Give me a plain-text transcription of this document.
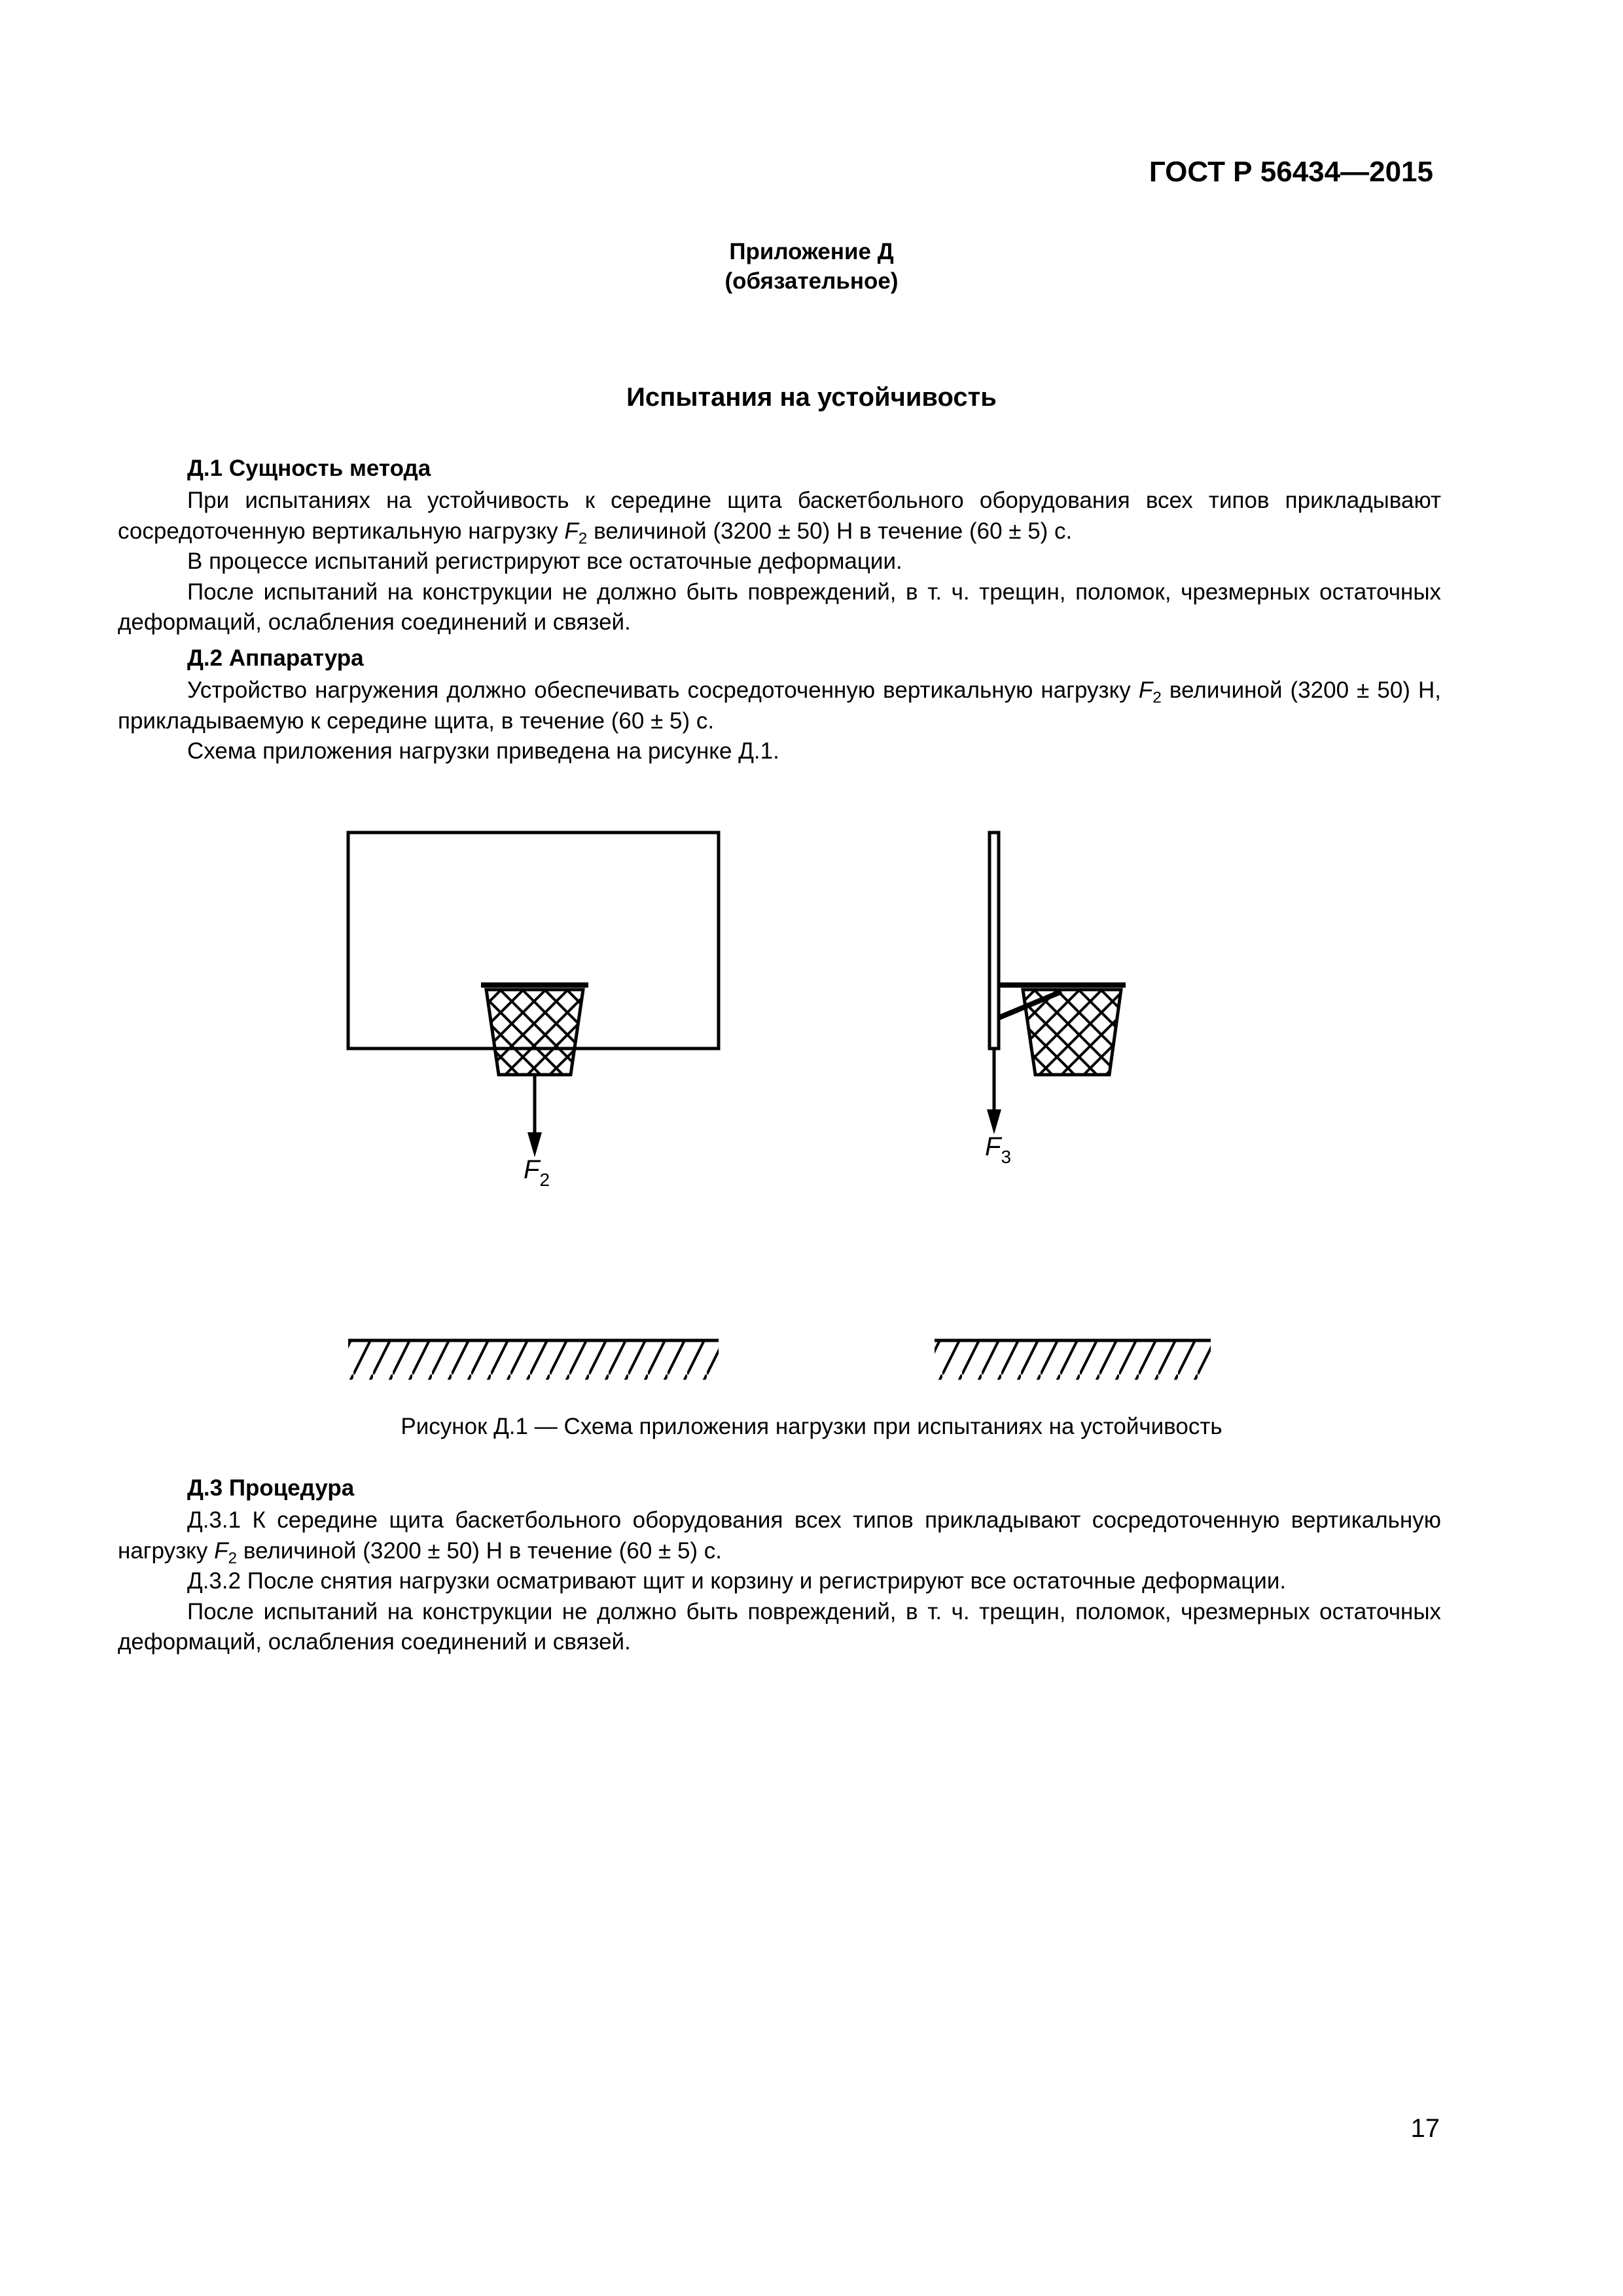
ГОСТ Р 56434—2015
Приложение Д
(обязательное)
Испытания на устойчивость
Д.1 Сущность метода

При испытаниях на устойчивость к середине щита баскетбольного оборудования всех типов прикладывают сосредоточенную вертикальную нагрузку $F_2$ величиной (3200 ± 50) Н в течение (60 ± 5) с.

В процессе испытаний регистрируют все остаточные деформации.

После испытаний на конструкции не должно быть повреждений, в т. ч. трещин, поломок, чрезмерных остаточных деформаций, ослабления соединений и связей.

Д.2 Аппаратура

Устройство нагружения должно обеспечивать сосредоточенную вертикальную нагрузку $F_2$ величиной (3200 ± 50) Н, прикладываемую к середине щита, в течение (60 ± 5) с.

Схема приложения нагрузки приведена на рисунке Д.1.

$F_2$
$F_3$
Рисунок Д.1 — Схема приложения нагрузки при испытаниях на устойчивость
Д.3 Процедура

Д.3.1 К середине щита баскетбольного оборудования всех типов прикладывают сосредоточенную вертикальную нагрузку $F_2$ величиной (3200 ± 50) Н в течение (60 ± 5) с.

Д.3.2 После снятия нагрузки осматривают щит и корзину и регистрируют все остаточные деформации.

После испытаний на конструкции не должно быть повреждений, в т. ч. трещин, поломок, чрезмерных остаточных деформаций, ослабления соединений и связей.

17
